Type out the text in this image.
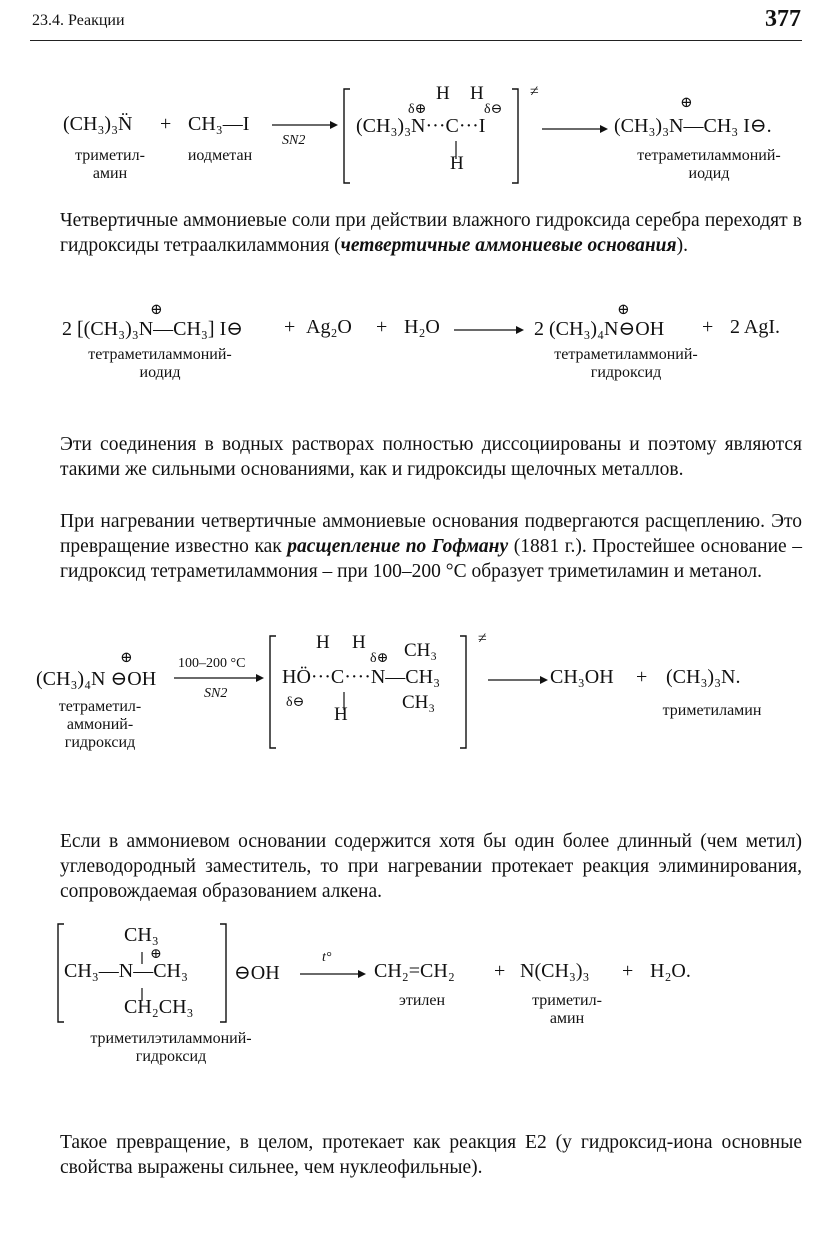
23.4. Реакции	377
(CH₃)₃N̈ + CH₃—I
SN2
H H
δ⊕	δ⊖
(CH₃)₃N···C···I
H
≠
⊕
(CH₃)₃N—CH₃ I⊖.
триметил-
амин
иодметан	тетраметиламмоний-
иодид
Четвертичные аммониевые соли при действии влажного гидроксида серебра переходят в гидроксиды тетраалкиламмония (четвертичные аммониевые основания).
⊕
2 [(CH₃)₃N—CH₃] I⊖ + Ag₂O + H₂O
⊕
2 (CH₃)₄N⊖OH + 2 AgI.
тетраметиламмоний-
иодид
тетраметиламмоний-
гидроксид
Эти соединения в водных растворах полностью диссоциированы и поэтому являются такими же сильными основаниями, как и гидроксиды щелочных металлов.
При нагревании четвертичные аммониевые основания подвергаются расщеплению. Это превращение известно как расщепление по Гофману (1881 г.). Простейшее основание – гидроксид тетраметиламмония – при 100–200 °С образует триметиламин и метанол.
⊕
(CH₃)₄N ⊖OH
100–200 °С
SN2
H H
δ⊕ CH₃
HÖ···C····N—CH₃
δ⊖
H
CH₃
≠
→ CH₃OH + (CH₃)₃N.
тетраметил-
аммоний-
гидроксид
триметиламин
Если в аммониевом основании содержится хотя бы один более длинный (чем метил) углеводородный заместитель, то при нагревании протекает реакция элиминирования, сопровождаемая образованием алкена.
CH₃
⊕
CH₃—N—CH₃
CH₂CH₃
⊖OH
t°
CH₂=CH₂ + N(CH₃)₃ + H₂O.
этилен	триметил-
амин
триметилэтиламмоний-
гидроксид
Такое превращение, в целом, протекает как реакция E2 (у гидроксид-иона основные свойства выражены сильнее, чем нуклеофильные).
